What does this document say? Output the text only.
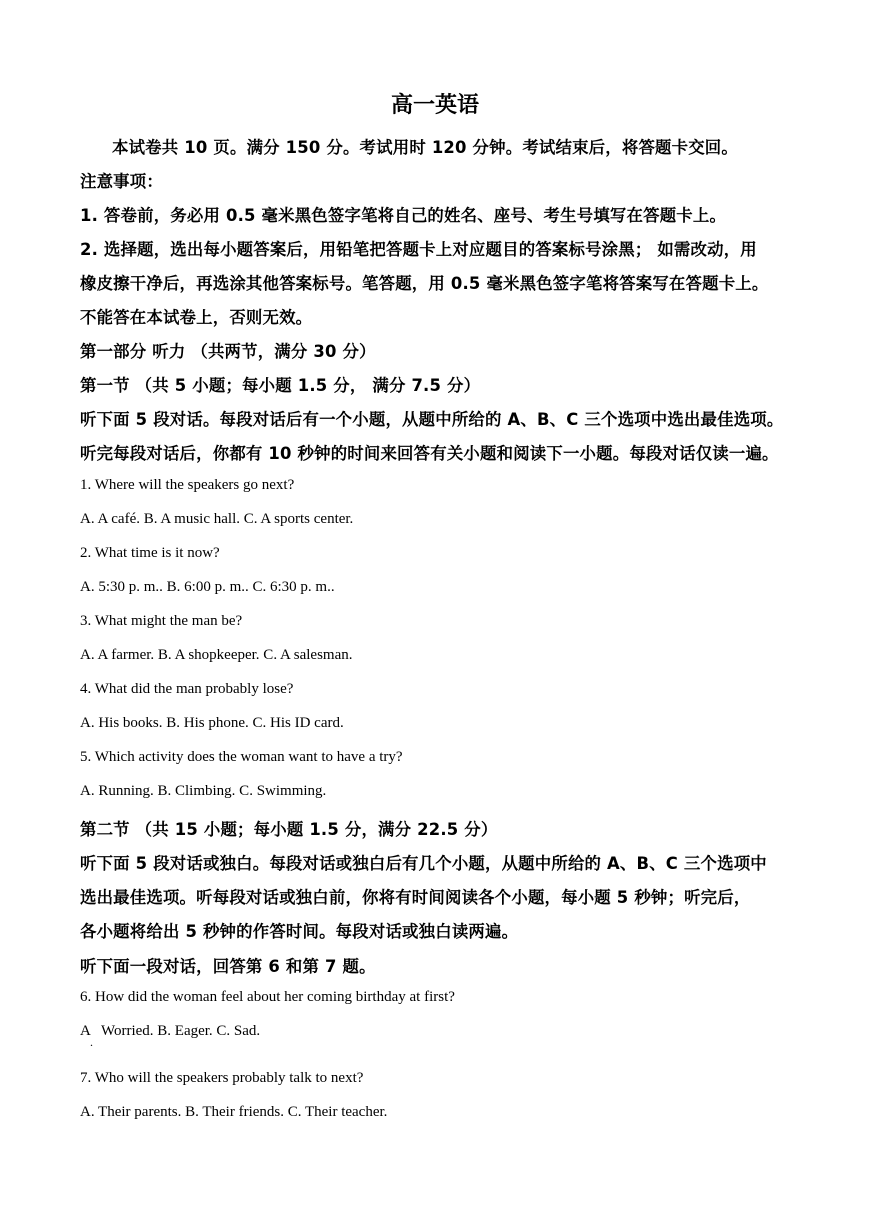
高一英语
本试卷共 10 页。满分 150 分。考试用时 120 分钟。考试结束后，将答题卡交回。
注意事项：
1. 答卷前，务必用 0.5 毫米黑色签字笔将自己的姓名、座号、考生号填写在答题卡上。
2. 选择题，选出每小题答案后，用铅笔把答题卡上对应题目的答案标号涂黑； 如需改动，用
橡皮擦干净后，再选涂其他答案标号。笔答题，用 0.5 毫米黑色签字笔将答案写在答题卡上。
不能答在本试卷上，否则无效。
第一部分 听力 （共两节，满分 30 分）
第一节 （共 5 小题；每小题 1.5 分， 满分 7.5 分）
听下面 5 段对话。每段对话后有一个小题，从题中所给的 A、B、C 三个选项中选出最佳选项。
听完每段对话后，你都有 10 秒钟的时间来回答有关小题和阅读下一小题。每段对话仅读一遍。
1. Where will the speakers go next?
A. A café. B. A music hall. C. A sports center.
2. What time is it now?
A. 5:30 p. m.. B. 6:00 p. m.. C. 6:30 p. m..
3. What might the man be?
A. A farmer. B. A shopkeeper. C. A salesman.
4. What did the man probably lose?
A. His books. B. His phone. C. His ID card.
5. Which activity does the woman want to have a try?
A. Running. B. Climbing. C. Swimming.
第二节 （共 15 小题；每小题 1.5 分，满分 22.5 分）
听下面 5 段对话或独白。每段对话或独白后有几个小题，从题中所给的 A、B、C 三个选项中
选出最佳选项。听每段对话或独白前，你将有时间阅读各个小题，每小题 5 秒钟；听完后，
各小题将给出 5 秒钟的作答时间。每段对话或独白读两遍。
听下面一段对话，回答第 6 和第 7 题。
6. How did the woman feel about her coming birthday at first?
A
.
Worried. B. Eager. C. Sad.
7. Who will the speakers probably talk to next?
A. Their parents. B. Their friends. C. Their teacher.
